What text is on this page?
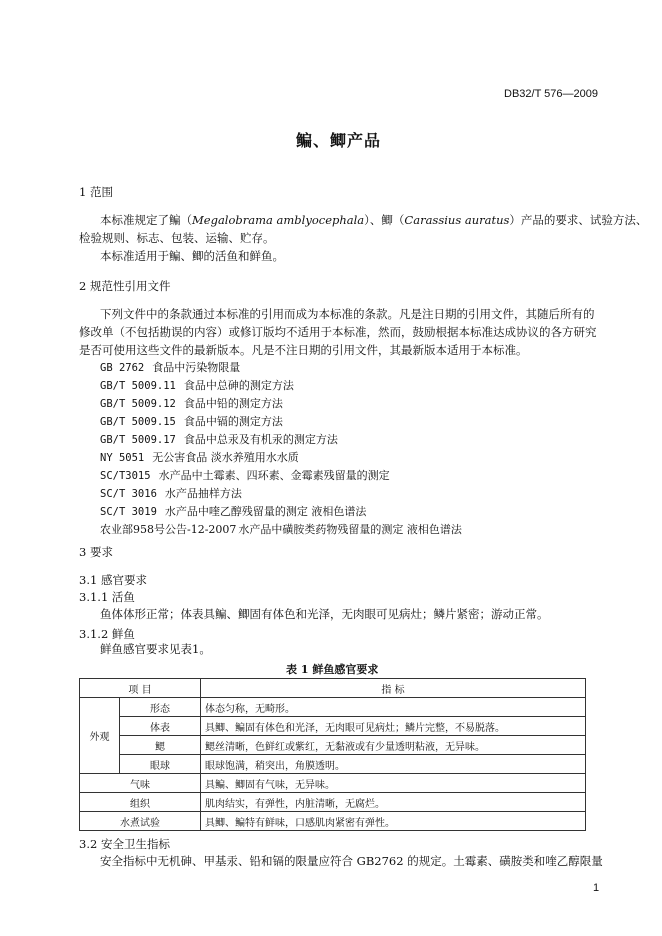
DB32/T 576—2009
鳊、鲫产品
1 范围
本标准规定了鳊（Megalobrama amblyocephala）、鲫（Carassius auratus）产品的要求、试验方法、
检验规则、标志、包装、运输、贮存。
本标准适用于鳊、鲫的活鱼和鲜鱼。
2 规范性引用文件
下列文件中的条款通过本标准的引用而成为本标准的条款。凡是注日期的引用文件，其随后所有的
修改单（不包括勘误的内容）或修订版均不适用于本标准，然而，鼓励根据本标准达成协议的各方研究
是否可使用这些文件的最新版本。凡是不注日期的引用文件，其最新版本适用于本标准。
GB 2762 食品中污染物限量
GB/T 5009.11 食品中总砷的测定方法
GB/T 5009.12 食品中铅的测定方法
GB/T 5009.15 食品中镉的测定方法
GB/T 5009.17 食品中总汞及有机汞的测定方法
NY 5051 无公害食品 淡水养殖用水水质
SC/T3015 水产品中土霉素、四环素、金霉素残留量的测定
SC/T 3016 水产品抽样方法
SC/T 3019 水产品中喹乙醇残留量的测定 液相色谱法
农业部958号公告-12-2007 水产品中磺胺类药物残留量的测定 液相色谱法
3 要求
3.1 感官要求
3.1.1 活鱼
鱼体体形正常；体表具鳊、鲫固有体色和光泽，无肉眼可见病灶；鳞片紧密；游动正常。
3.1.2 鲜鱼
鲜鱼感官要求见表1。
表 1 鲜鱼感官要求
项 目		指 标
外观	形态	体态匀称，无畸形。
	体表	具鲫、鳊固有体色和光泽，无肉眼可见病灶；鳞片完整，不易脱落。
	鳃	鳃丝清晰，色鲜红或紫红，无黏液或有少量透明粘液，无异味。
	眼球	眼球饱满，稍突出，角膜透明。
气味		具鳊、鲫固有气味，无异味。
组织		肌肉结实，有弹性，内脏清晰，无腐烂。
水煮试验		具鲫、鳊特有鲜味，口感肌肉紧密有弹性。
3.2 安全卫生指标
安全指标中无机砷、甲基汞、铅和镉的限量应符合 GB2762 的规定。土霉素、磺胺类和喹乙醇限量
1
